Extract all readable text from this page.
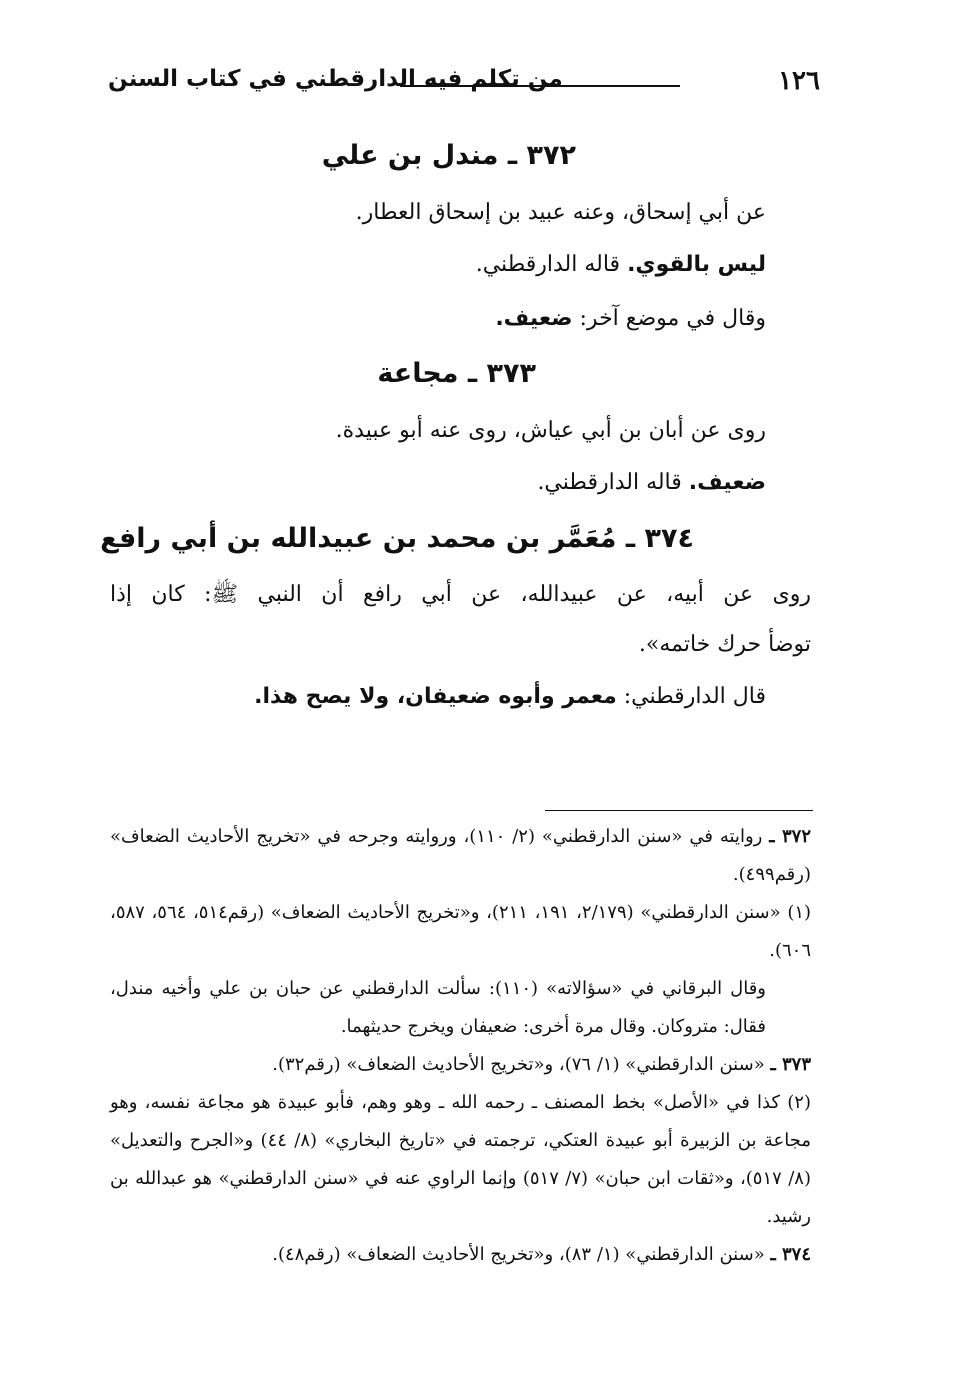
١٢٦
من تكلم فيه الدارقطني في كتاب السنن
٣٧٢ ـ مندل بن علي
عن أبي إسحاق، وعنه عبيد بن إسحاق العطار.
ليس بالقوي. قاله الدارقطني.
وقال في موضع آخر: ضعيف.
٣٧٣ ـ مجاعة
روى عن أبان بن أبي عياش، روى عنه أبو عبيدة.
ضعيف. قاله الدارقطني.
٣٧٤ ـ مُعَمَّر بن محمد بن عبيدالله بن أبي رافع
روى عن أبيه، عن عبيدالله، عن أبي رافع أن النبي ﷺ: كان إذا
توضأ حرك خاتمه».
قال الدارقطني: معمر وأبوه ضعيفان، ولا يصح هذا.
٣٧٢ ـ روايته في «سنن الدارقطني» (٢/ ١١٠)، وروايته وجرحه في «تخريج الأحاديث الضعاف» (رقم٤٩٩).
(١) «سنن الدارقطني» (٢/١٧٩، ١٩١، ٢١١)، و«تخريج الأحاديث الضعاف» (رقم٥١٤، ٥٦٤، ٥٨٧، ٦٠٦).
وقال البرقاني في «سؤالاته» (١١٠): سألت الدارقطني عن حبان بن علي وأخيه مندل، فقال: متروكان. وقال مرة أخرى: ضعيفان ويخرج حديثهما.
٣٧٣ ـ «سنن الدارقطني» (١/ ٧٦)، و«تخريج الأحاديث الضعاف» (رقم٣٢).
(٢) كذا في «الأصل» بخط المصنف ـ رحمه الله ـ وهو وهم، فأبو عبيدة هو مجاعة نفسه، وهو مجاعة بن الزبيرة أبو عبيدة العتكي، ترجمته في «تاريخ البخاري» (٨/ ٤٤) و«الجرح والتعديل» (٨/ ٥١٧)، و«ثقات ابن حبان» (٧/ ٥١٧) وإنما الراوي عنه في «سنن الدارقطني» هو عبدالله بن رشيد.
٣٧٤ ـ «سنن الدارقطني» (١/ ٨٣)، و«تخريج الأحاديث الضعاف» (رقم٤٨).
